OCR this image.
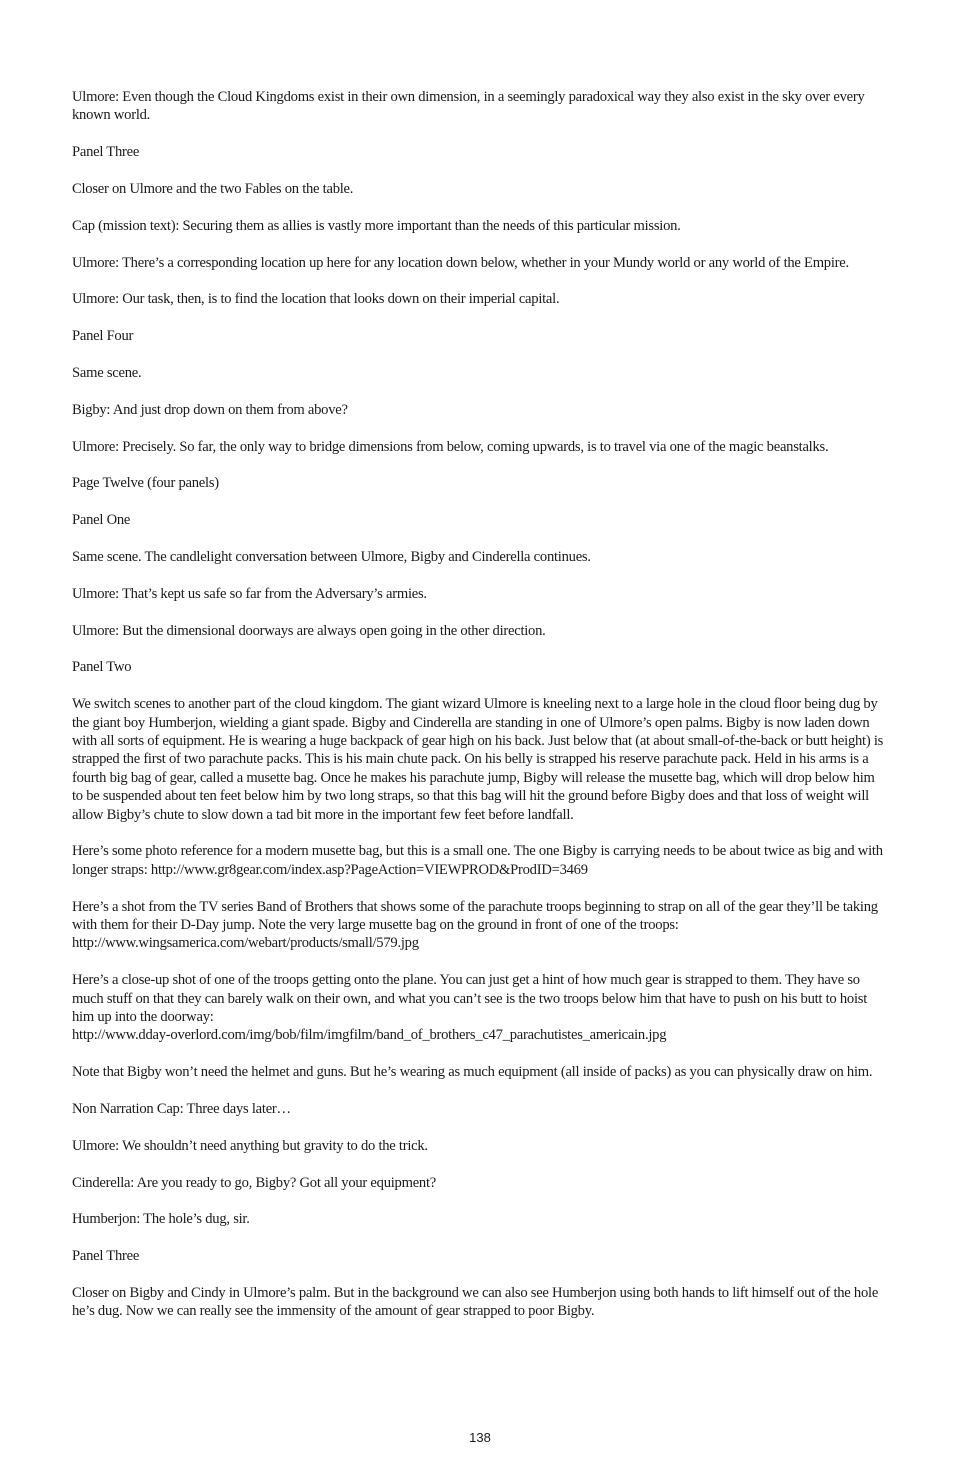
Ulmore: Even though the Cloud Kingdoms exist in their own dimension, in a seemingly paradoxical way they also exist in the sky over every known world.

Panel Three

Closer on Ulmore and the two Fables on the table.

Cap (mission text): Securing them as allies is vastly more important than the needs of this particular mission.

Ulmore: There’s a corresponding location up here for any location down below, whether in your Mundy world or any world of the Empire.

Ulmore: Our task, then, is to find the location that looks down on their imperial capital.

Panel Four

Same scene.

Bigby: And just drop down on them from above?

Ulmore: Precisely. So far, the only way to bridge dimensions from below, coming upwards, is to travel via one of the magic beanstalks.

Page Twelve (four panels)

Panel One

Same scene. The candlelight conversation between Ulmore, Bigby and Cinderella continues.

Ulmore: That’s kept us safe so far from the Adversary’s armies.

Ulmore: But the dimensional doorways are always open going in the other direction.

Panel Two

We switch scenes to another part of the cloud kingdom. The giant wizard Ulmore is kneeling next to a large hole in the cloud floor being dug by the giant boy Humberjon, wielding a giant spade. Bigby and Cinderella are standing in one of Ulmore’s open palms. Bigby is now laden down with all sorts of equipment. He is wearing a huge backpack of gear high on his back. Just below that (at about small-of-the-back or butt height) is strapped the first of two parachute packs. This is his main chute pack. On his belly is strapped his reserve parachute pack. Held in his arms is a fourth big bag of gear, called a musette bag. Once he makes his parachute jump, Bigby will release the musette bag, which will drop below him to be suspended about ten feet below him by two long straps, so that this bag will hit the ground before Bigby does and that loss of weight will allow Bigby’s chute to slow down a tad bit more in the important few feet before landfall.

Here’s some photo reference for a modern musette bag, but this is a small one. The one Bigby is carrying needs to be about twice as big and with longer straps: http://www.gr8gear.com/index.asp?PageAction=VIEWPROD&ProdID=3469

Here’s a shot from the TV series Band of Brothers that shows some of the parachute troops beginning to strap on all of the gear they’ll be taking with them for their D-Day jump. Note the very large musette bag on the ground in front of one of the troops:
http://www.wingsamerica.com/webart/products/small/579.jpg

Here’s a close-up shot of one of the troops getting onto the plane. You can just get a hint of how much gear is strapped to them. They have so much stuff on that they can barely walk on their own, and what you can’t see is the two troops below him that have to push on his butt to hoist him up into the doorway:
http://www.dday-overlord.com/img/bob/film/imgfilm/band_of_brothers_c47_parachutistes_americain.jpg

Note that Bigby won’t need the helmet and guns. But he’s wearing as much equipment (all inside of packs) as you can physically draw on him.

Non Narration Cap: Three days later…

Ulmore: We shouldn’t need anything but gravity to do the trick.

Cinderella: Are you ready to go, Bigby? Got all your equipment?

Humberjon: The hole’s dug, sir.

Panel Three

Closer on Bigby and Cindy in Ulmore’s palm. But in the background we can also see Humberjon using both hands to lift himself out of the hole he’s dug. Now we can really see the immensity of the amount of gear strapped to poor Bigby.

138
